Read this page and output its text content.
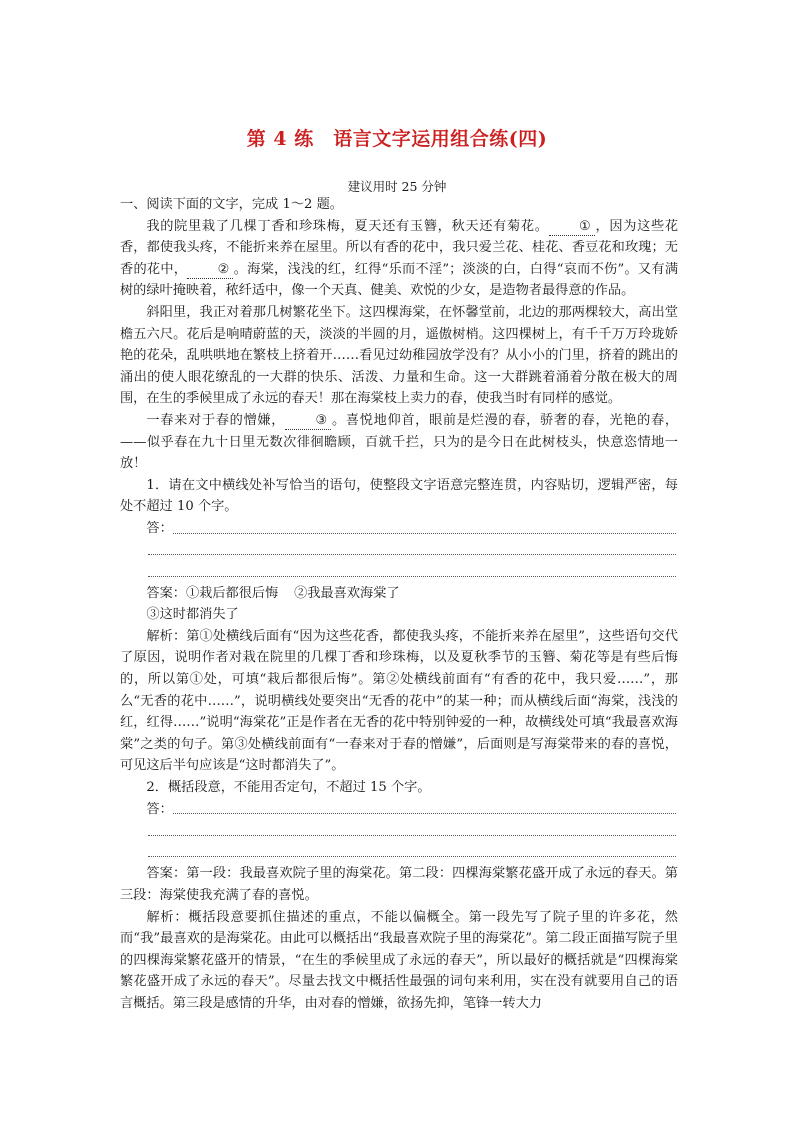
第 4 练　语言文字运用组合练(四)
建议用时 25 分钟

一、阅读下面的文字，完成 1～2 题。

我的院里栽了几棵丁香和珍珠梅，夏天还有玉簪，秋天还有菊花。 ① ，因为这些花香，都使我头疼，不能折来养在屋里。所以有香的花中，我只爱兰花、桂花、香豆花和玫瑰；无香的花中， ② 。海棠，浅浅的红，红得“乐而不淫”；淡淡的白，白得“哀而不伤”。又有满树的绿叶掩映着，秾纤适中，像一个天真、健美、欢悦的少女，是造物者最得意的作品。

斜阳里，我正对着那几树繁花坐下。这四棵海棠，在怀馨堂前，北边的那两棵较大，高出堂檐五六尺。花后是响晴蔚蓝的天，淡淡的半圆的月，遥傲树梢。这四棵树上，有千千万万玲珑娇艳的花朵，乱哄哄地在繁枝上挤着开……看见过幼稚园放学没有？从小小的门里，挤着的跳出的涌出的使人眼花缭乱的一大群的快乐、活泼、力量和生命。这一大群跳着涌着分散在极大的周围，在生的季候里成了永远的春天！那在海棠枝上卖力的春，使我当时有同样的感觉。

一春来对于春的憎嫌， ③ 。喜悦地仰首，眼前是烂漫的春，骄奢的春，光艳的春，——似乎春在九十日里无数次徘徊瞻顾，百就千拦，只为的是今日在此树枝头，快意恣情地一放！

1．请在文中横线处补写恰当的语句，使整段文字语意完整连贯，内容贴切，逻辑严密，每处不超过 10 个字。

答：

答案：①栽后都很后悔 ②我最喜欢海棠了

③这时都消失了

解析：第①处横线后面有“因为这些花香，都使我头疼，不能折来养在屋里”，这些语句交代了原因，说明作者对栽在院里的几棵丁香和珍珠梅，以及夏秋季节的玉簪、菊花等是有些后悔的，所以第①处，可填“栽后都很后悔”。第②处横线前面有“有香的花中，我只爱……”，那么“无香的花中……”，说明横线处要突出“无香的花中”的某一种；而从横线后面“海棠，浅浅的红，红得……”说明“海棠花”正是作者在无香的花中特别钟爱的一种，故横线处可填“我最喜欢海棠”之类的句子。第③处横线前面有“一春来对于春的憎嫌”，后面则是写海棠带来的春的喜悦，可见这后半句应该是“这时都消失了”。

2．概括段意，不能用否定句，不超过 15 个字。

答：

答案：第一段：我最喜欢院子里的海棠花。第二段：四棵海棠繁花盛开成了永远的春天。第三段：海棠使我充满了春的喜悦。

解析：概括段意要抓住描述的重点，不能以偏概全。第一段先写了院子里的许多花，然而“我”最喜欢的是海棠花。由此可以概括出“我最喜欢院子里的海棠花”。第二段正面描写院子里的四棵海棠繁花盛开的情景，“在生的季候里成了永远的春天”，所以最好的概括就是“四棵海棠繁花盛开成了永远的春天”。尽量去找文中概括性最强的词句来利用，实在没有就要用自己的语言概括。第三段是感情的升华，由对春的憎嫌，欲扬先抑，笔锋一转大力
